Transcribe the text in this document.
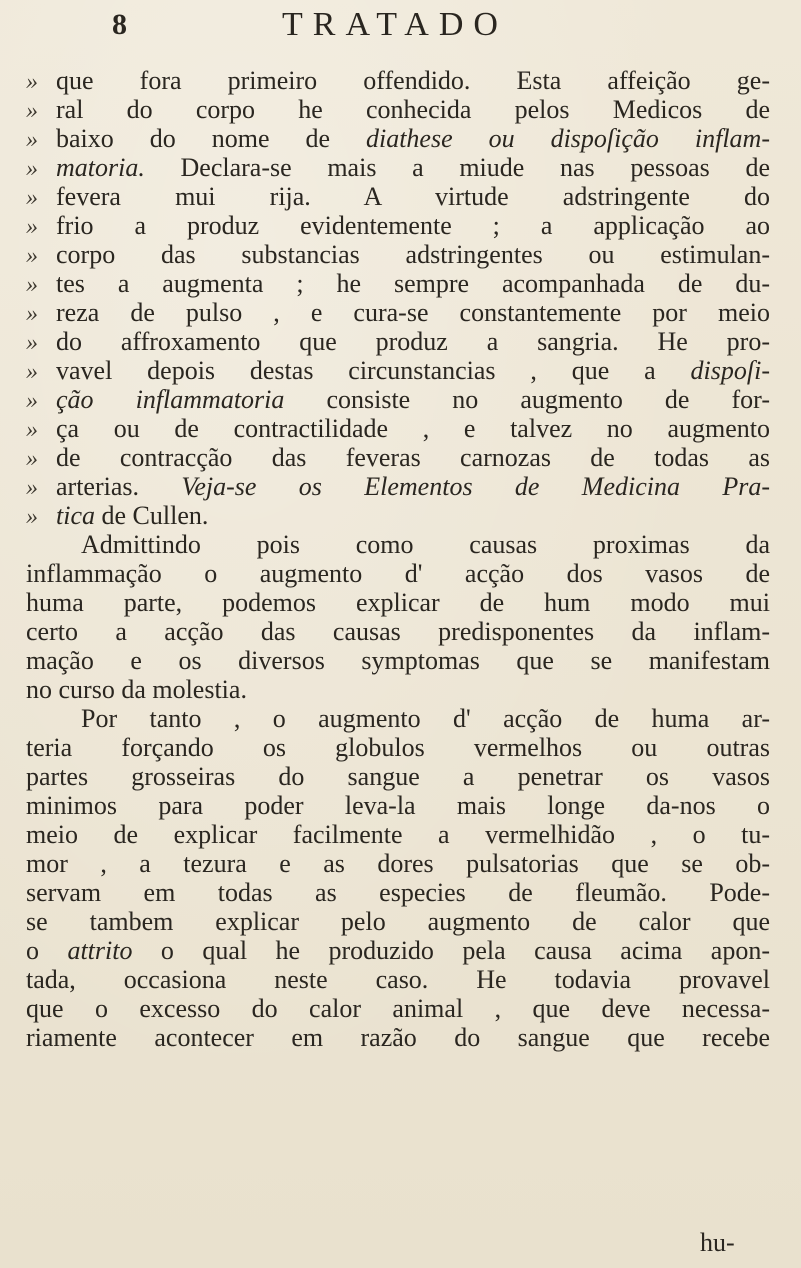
8	TRATADO
» que fora primeiro offendido. Esta affeição ge-
» ral do corpo he conhecida pelos Medicos de
» baixo do nome de diathese ou dispoſição inflam-
» matoria. Declara-se mais a miude nas pessoas de
» fevera mui rija. A virtude adstringente do
» frio a produz evidentemente ; a applicação ao
» corpo das substancias adstringentes ou estimulan-
» tes a augmenta ; he sempre acompanhada de du-
» reza de pulso , e cura-se constantemente por meio
» do affroxamento que produz a sangria. He pro-
» vavel depois destas circunstancias , que a dispoſi-
» ção inflammatoria consiste no augmento de for-
» ça ou de contractilidade , e talvez no augmento
» de contracção das feveras carnozas de todas as
» arterias. Veja-se os Elementos de Medicina Pra-
» tica de Cullen.
Admittindo pois como causas proximas da
inflammação o augmento d' acção dos vasos de
huma parte, podemos explicar de hum modo mui
certo a acção das causas predisponentes da inflam-
mação e os diversos symptomas que se manifestam
no curso da molestia.
Por tanto , o augmento d' acção de huma ar-
teria forçando os globulos vermelhos ou outras
partes grosseiras do sangue a penetrar os vasos
minimos para poder leva-la mais longe da-nos o
meio de explicar facilmente a vermelhidão , o tu-
mor , a tezura e as dores pulsatorias que se ob-
servam em todas as especies de fleumão. Pode-
se tambem explicar pelo augmento de calor que
o attrito o qual he produzido pela causa acima apon-
tada, occasiona neste caso. He todavia provavel
que o excesso do calor animal , que deve necessa-
riamente acontecer em razão do sangue que recebe
hu-
